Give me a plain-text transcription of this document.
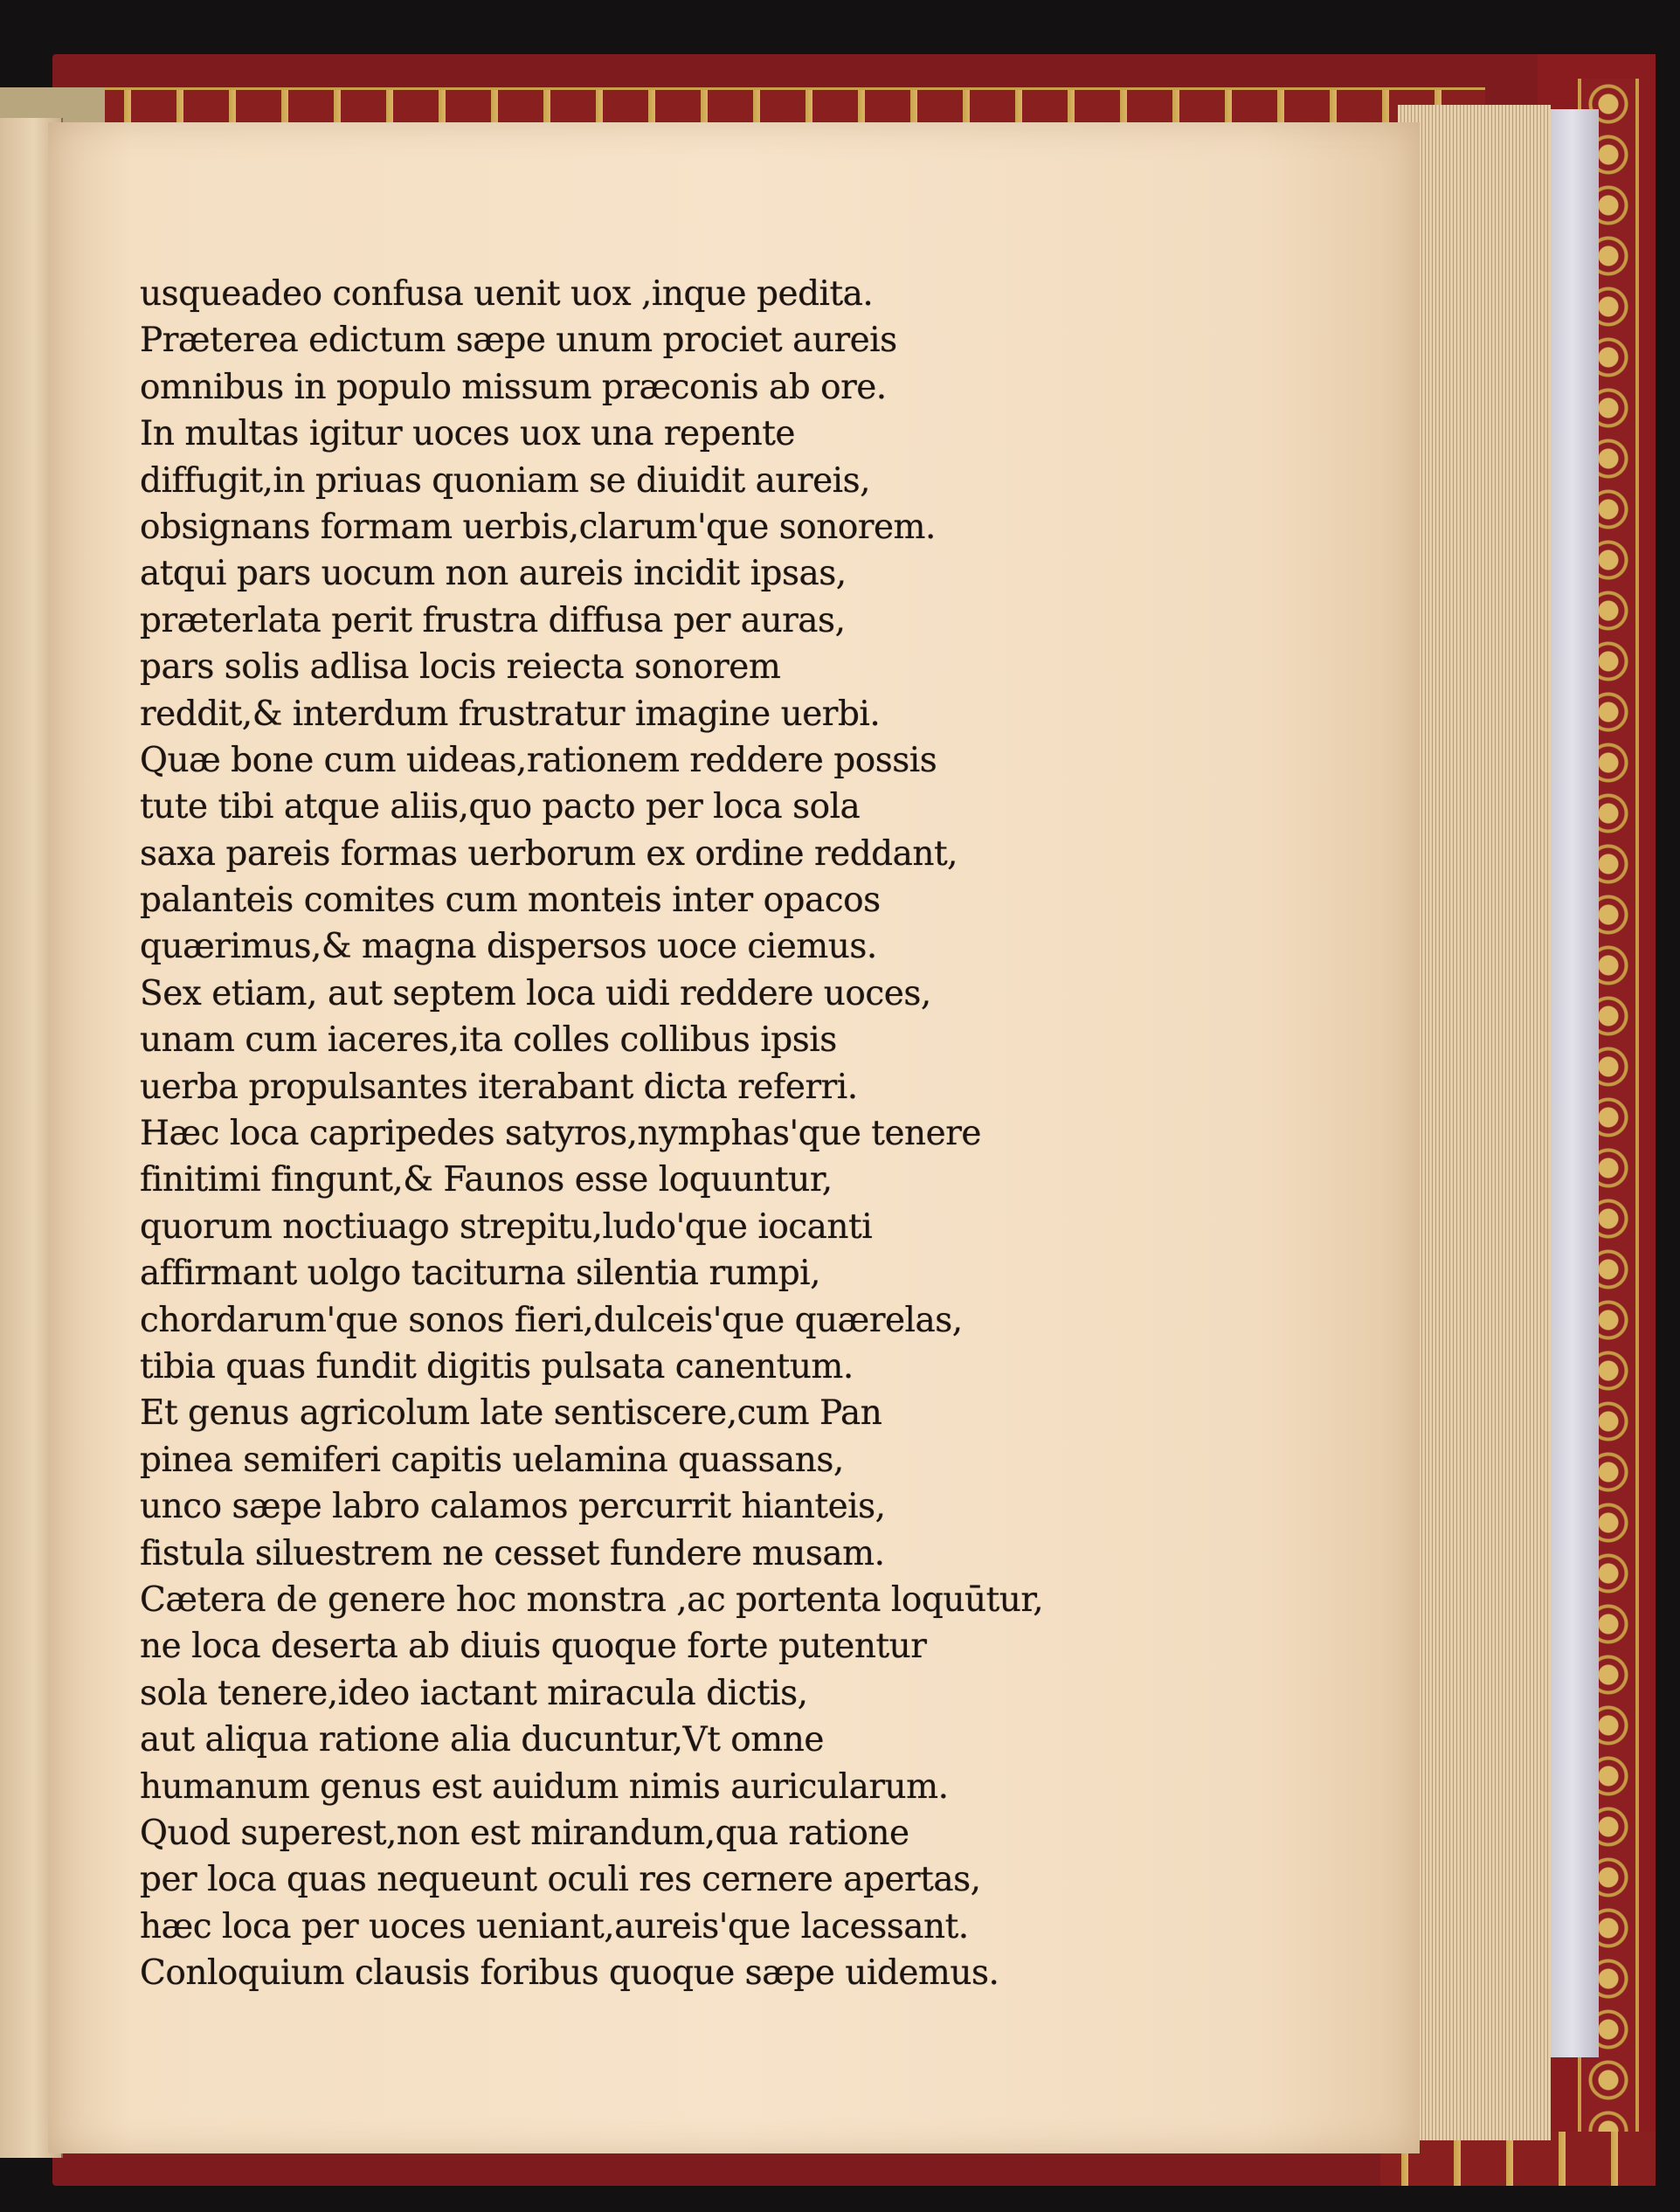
usqueadeo confusa uenit uox ,inque pedita.
Præterea edictum sæpe unum prociet aureis
omnibus in populo missum præconis ab ore.
In multas igitur uoces uox una repente
diffugit,in priuas quoniam se diuidit aureis,
obsignans formam uerbis,clarum'que sonorem.
atqui pars uocum non aureis incidit ipsas,
præterlata perit frustra diffusa per auras,
pars solis adlisa locis reiecta sonorem
reddit,& interdum frustratur imagine uerbi.
Quæ bone cum uideas,rationem reddere possis
tute tibi atque aliis,quo pacto per loca sola
saxa pareis formas uerborum ex ordine reddant,
palanteis comites cum monteis inter opacos
quærimus,& magna dispersos uoce ciemus.
Sex etiam, aut septem loca uidi reddere uoces,
unam cum iaceres,ita colles collibus ipsis
uerba propulsantes iterabant dicta referri.
Hæc loca capripedes satyros,nymphas'que tenere
finitimi fingunt,& Faunos esse loquuntur,
quorum noctiuago strepitu,ludo'que iocanti
affirmant uolgo taciturna silentia rumpi,
chordarum'que sonos fieri,dulceis'que quærelas,
tibia quas fundit digitis pulsata canentum.
Et genus agricolum late sentiscere,cum Pan
pinea semiferi capitis uelamina quassans,
unco sæpe labro calamos percurrit hianteis,
fistula siluestrem ne cesset fundere musam.
Cætera de genere hoc monstra ,ac portenta loquūtur,
ne loca deserta ab diuis quoque forte putentur
sola tenere,ideo iactant miracula dictis,
aut aliqua ratione alia ducuntur,Vt omne
humanum genus est auidum nimis auricularum.
Quod superest,non est mirandum,qua ratione
per loca quas nequeunt oculi res cernere apertas,
hæc loca per uoces ueniant,aureis'que lacessant.
Conloquium clausis foribus quoque sæpe uidemus.
